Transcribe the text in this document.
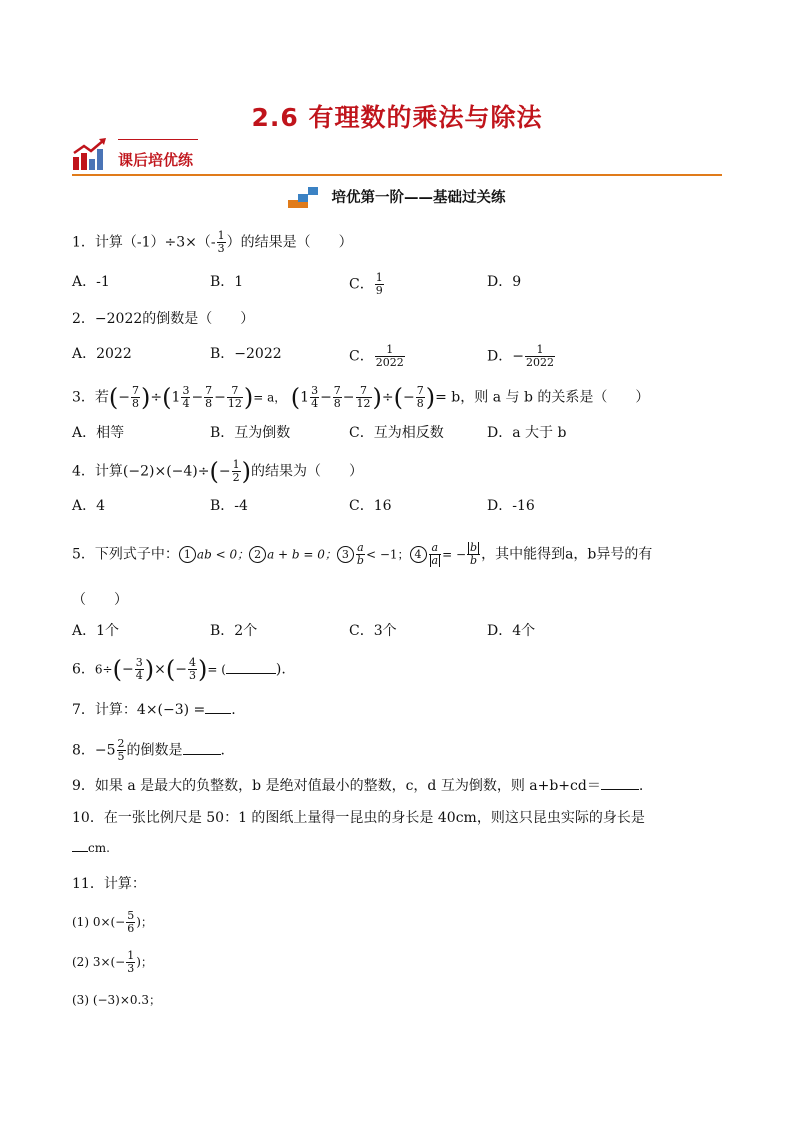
2.6 有理数的乘法与除法
课后培优练
培优第一阶——基础过关练
1．计算$(-1)\div 3\times(- \frac{1}{3}$ ）的结果是（　　）
A．-1	B．1	C． $\frac{1}{9}$	D．9
2．−2022的倒数是（　　）
A．2022	B．−2022	C． $\frac{1}{2022}$	D．− $\frac{1}{2022}$
3．若(− $\frac{7}{8} )\div(1 \frac{3}{4} - \frac{7}{8} - \frac{7}{12}$ )= a， ($1 \frac{3}{4} - \frac{7}{8} - \frac{7}{12}$ )÷(− $\frac{7}{8}$ )= b，则 a 与 b 的关系是（　　）
A．相等	B．互为倒数	C．互为相反数	D．a 大于 b
4．计算$(-2)\times(-4)\div(- \frac{1}{2}$ )的结果为（　　）
A．4	B．-4	C．16	D．-16
5．下列式子中： 1 ab < 0； 2 a + b = 0； $3 \frac{a}{b} < -1$； $4 \frac{a}{a}$ = − $\frac{b}{b}$ ，其中能得到a，b异号的有
（　　）
A．1个	B．2个	C．3个	D．4个
6．$6\div(- \frac{3}{4}$ )×(− $\frac{4}{3}$ )= (	).
7．计算：4×(−3) = .
8．$-5 \frac{2}{5}$ 的倒数是	.
9．如果 a 是最大的负整数，b 是绝对值最小的整数，c，d 互为倒数，则 a+b+cd＝	.
10．在一张比例尺是 50：1 的图纸上量得一昆虫的身长是 40cm，则这只昆虫实际的身长是
cm.
11．计算：
(1) $0\times(- \frac{5}{6}$ )；
(2) $3\times(- \frac{1}{3}$ )；
(3) (−3)×0.3；
